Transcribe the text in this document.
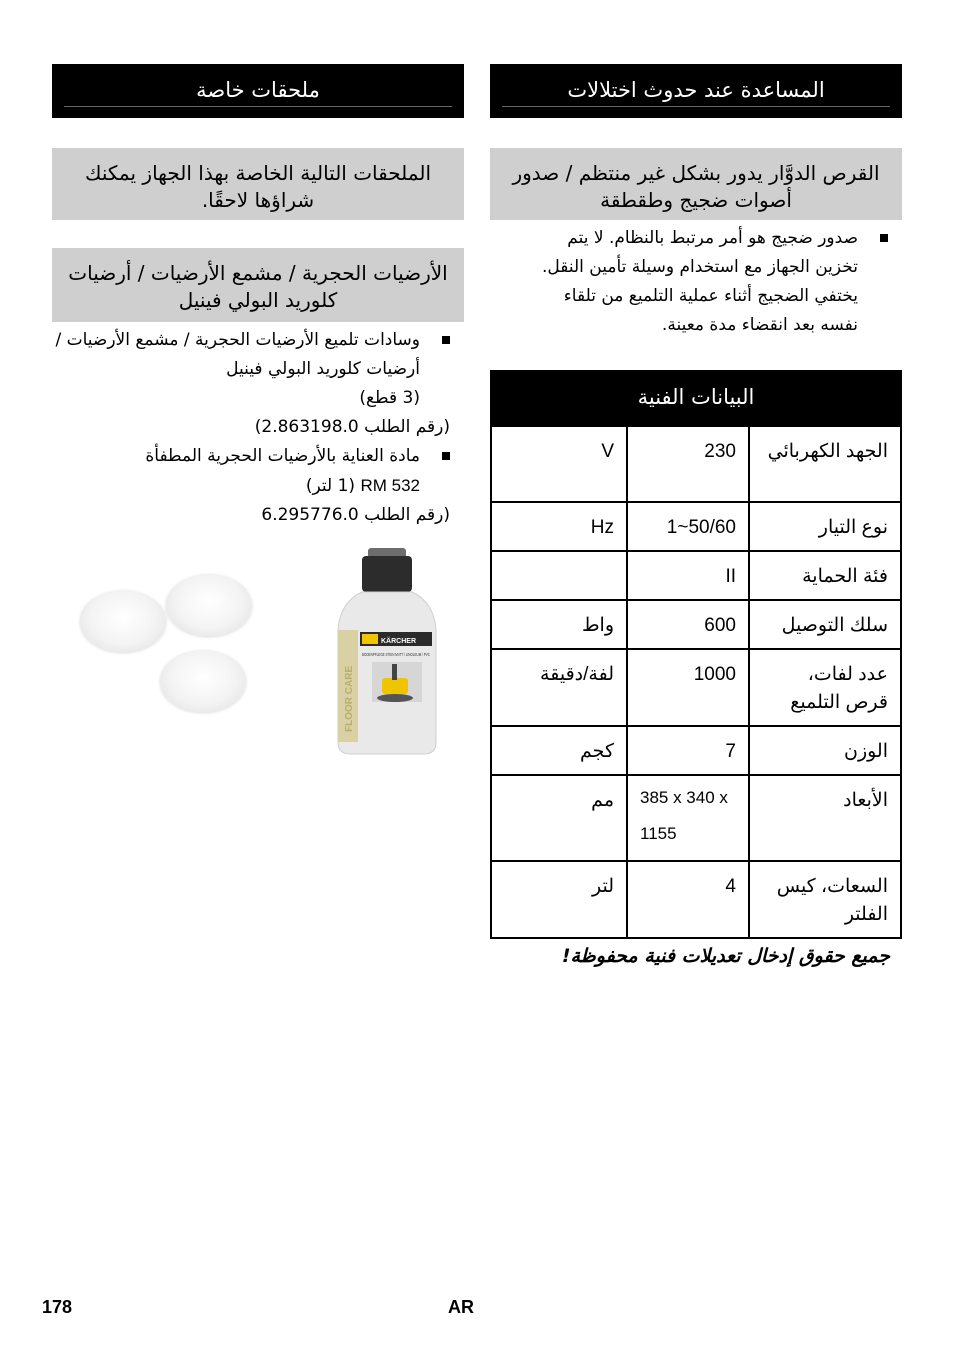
ملحقات خاصة
الملحقات التالية الخاصة بهذا الجهاز يمكنك شراؤها لاحقًا.
الأرضيات الحجرية / مشمع الأرضيات / أرضيات كلوريد البولي فينيل
وسادات تلميع الأرضيات الحجرية / مشمع الأرضيات / أرضيات كلوريد البولي فينيل
(3 قطع)
(رقم الطلب 2.863198.0)
مادة العناية بالأرضيات الحجرية المطفأة
RM 532 (1 لتر)
(رقم الطلب 6.295776.0
KÄRCHER
BODENPFLEGE STEIN MATT / LINOLEUM / PVC
FLOOR CARE
المساعدة عند حدوث اختلالات
القرص الدوَّار يدور بشكل غير منتظم / صدور أصوات ضجيج وطقطقة
صدور ضجيج هو أمر مرتبط بالنظام. لا يتم تخزين الجهاز مع استخدام وسيلة تأمين النقل. يختفي الضجيج أثناء عملية التلميع من تلقاء نفسه بعد انقضاء مدة معينة.
البيانات الفنية
V	230	الجهد الكهربائي
Hz	1~50/60	نوع التيار
	II	فئة الحماية
واط	600	سلك التوصيل
لفة/دقيقة	1000	عدد لفات، قرص التلميع
كجم	7	الوزن
مم	385 x 340 x 1155	الأبعاد
لتر	4	السعات، كيس الفلتر
جميع حقوق إدخال تعديلات فنية محفوظة!
178	AR
